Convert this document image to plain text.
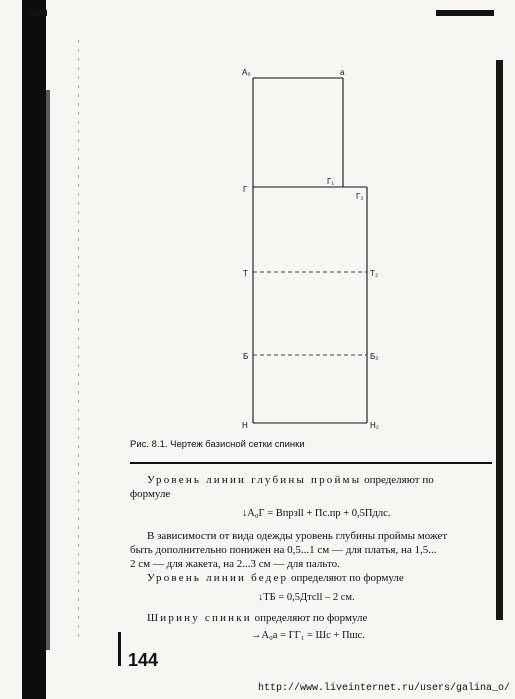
A₀	a
Г
Г₁
Г₂
Т	Т₂
Б	Б₂
Н	Н₂
Рис. 8.1. Чертеж базисной сетки спинки
Уровень линии глубины проймы определяют по
формуле
↓A₀Г = Впрзll + Пс.пр + 0,5Пдлс.
В зависимости от вида одежды уровень глубины проймы может
быть дополнительно понижен на 0,5...1 см — для платья, на 1,5...
2 см — для жакета, на 2...3 см — для пальто.
Уровень линии бедер определяют по формуле
↓ТБ = 0,5Дтсll – 2 см.
Ширину спинки определяют по формуле
→A₀a = ГГ₁ = Шс + Пшс.
144
http://www.liveinternet.ru/users/galina_o/
